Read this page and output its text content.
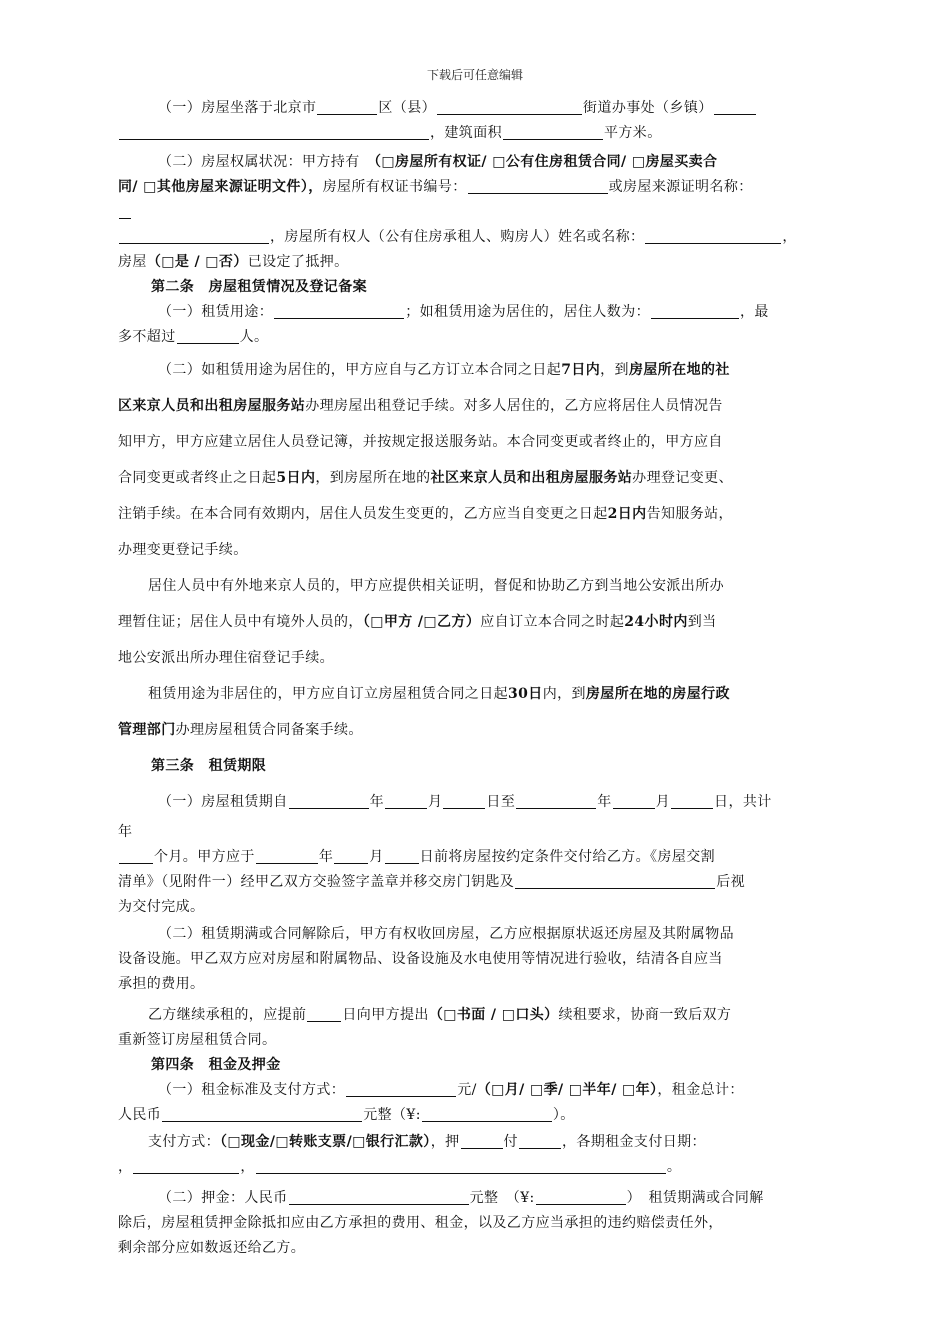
下载后可任意编辑
（一）房屋坐落于北京市	区（县）	街道办事处（乡镇）
，建筑面积	平方米。
（二）房屋权属状况：甲方持有　（□房屋所有权证/ □公有住房租赁合同/ □房屋买卖合
同/ □其他房屋来源证明文件），房屋所有权证书编号：	或房屋来源证明名称：
，房屋所有权人（公有住房承租人、购房人）姓名或名称：	，
房屋（□是 / □否）已设定了抵押。
第二条　房屋租赁情况及登记备案
（一）租赁用途：	；如租赁用途为居住的，居住人数为：	，最
多不超过	人。
（二）如租赁用途为居住的，甲方应自与乙方订立本合同之日起7日内，到房屋所在地的社
区来京人员和出租房屋服务站办理房屋出租登记手续。对多人居住的，乙方应将居住人员情况告
知甲方，甲方应建立居住人员登记簿，并按规定报送服务站。本合同变更或者终止的，甲方应自
合同变更或者终止之日起5日内，到房屋所在地的社区来京人员和出租房屋服务站办理登记变更、
注销手续。在本合同有效期内，居住人员发生变更的，乙方应当自变更之日起2日内告知服务站，
办理变更登记手续。
居住人员中有外地来京人员的，甲方应提供相关证明，督促和协助乙方到当地公安派出所办
理暂住证；居住人员中有境外人员的，（□甲方 /□乙方）应自订立本合同之时起24小时内到当
地公安派出所办理住宿登记手续。
租赁用途为非居住的，甲方应自订立房屋租赁合同之日起30日内，到房屋所在地的房屋行政
管理部门办理房屋租赁合同备案手续。
第三条　租赁期限
（一）房屋租赁期自	年	月	日至	年	月	日，共计
年
个月。甲方应于	年	月	日前将房屋按约定条件交付给乙方。《房屋交割
清单》（见附件一）经甲乙双方交验签字盖章并移交房门钥匙及	后视
为交付完成。
（二）租赁期满或合同解除后，甲方有权收回房屋，乙方应根据原状返还房屋及其附属物品
设备设施。甲乙双方应对房屋和附属物品、设备设施及水电使用等情况进行验收，结清各自应当
承担的费用。
乙方继续承租的，应提前	日向甲方提出（□书面 / □口头）续租要求，协商一致后双方
重新签订房屋租赁合同。
第四条　租金及押金
（一）租金标准及支付方式：	元/（□月/ □季/ □半年/ □年），租金总计：
人民币	元整（¥:	）。
支付方式：（□现金/□转账支票/□银行汇款），押	付	，各期租金支付日期：
，	，	。
（二）押金：人民币	元整　（¥:	）　租赁期满或合同解
除后，房屋租赁押金除抵扣应由乙方承担的费用、租金，以及乙方应当承担的违约赔偿责任外，
剩余部分应如数返还给乙方。
